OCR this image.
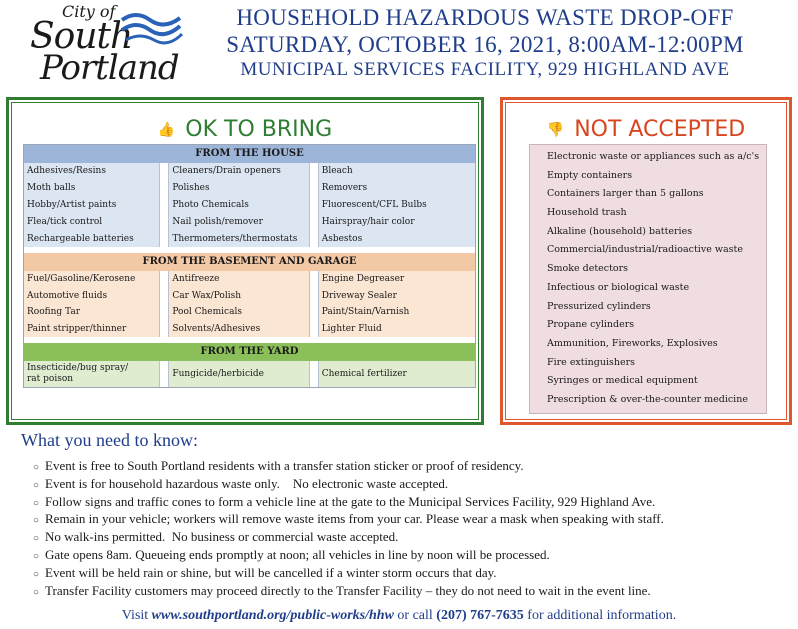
City of
South
Portland
HOUSEHOLD HAZARDOUS WASTE DROP-OFF
SATURDAY, OCTOBER 16, 2021, 8:00AM-12:00PM
MUNICIPAL SERVICES FACILITY, 929 HIGHLAND AVE
👍 OK TO BRING
FROM THE HOUSE
Adhesives/Resins
Moth balls
Hobby/Artist paints
Flea/tick control
Rechargeable batteries
Cleaners/Drain openers
Polishes
Photo Chemicals
Nail polish/remover
Thermometers/thermostats
Bleach
Removers
Fluorescent/CFL Bulbs
Hairspray/hair color
Asbestos
FROM THE BASEMENT AND GARAGE
Fuel/Gasoline/Kerosene
Automotive fluids
Roofing Tar
Paint stripper/thinner
Antifreeze
Car Wax/Polish
Pool Chemicals
Solvents/Adhesives
Engine Degreaser
Driveway Sealer
Paint/Stain/Varnish
Lighter Fluid
FROM THE YARD
Insecticide/bug spray/
rat poison	Fungicide/herbicide	Chemical fertilizer
👎 NOT ACCEPTED
Electronic waste or appliances such as a/c's
Empty containers
Containers larger than 5 gallons
Household trash
Alkaline (household) batteries
Commercial/industrial/radioactive waste
Smoke detectors
Infectious or biological waste
Pressurized cylinders
Propane cylinders
Ammunition, Fireworks, Explosives
Fire extinguishers
Syringes or medical equipment
Prescription & over-the-counter medicine
What you need to know:
○ Event is free to South Portland residents with a transfer station sticker or proof of residency.
○ Event is for household hazardous waste only.    No electronic waste accepted.
○ Follow signs and traffic cones to form a vehicle line at the gate to the Municipal Services Facility, 929 Highland Ave.
○ Remain in your vehicle; workers will remove waste items from your car. Please wear a mask when speaking with staff.
○ No walk-ins permitted.  No business or commercial waste accepted.
○ Gate opens 8am. Queueing ends promptly at noon; all vehicles in line by noon will be processed.
○ Event will be held rain or shine, but will be cancelled if a winter storm occurs that day.
○ Transfer Facility customers may proceed directly to the Transfer Facility – they do not need to wait in the event line.
Visit www.southportland.org/public-works/hhw or call (207) 767-7635 for additional information.
